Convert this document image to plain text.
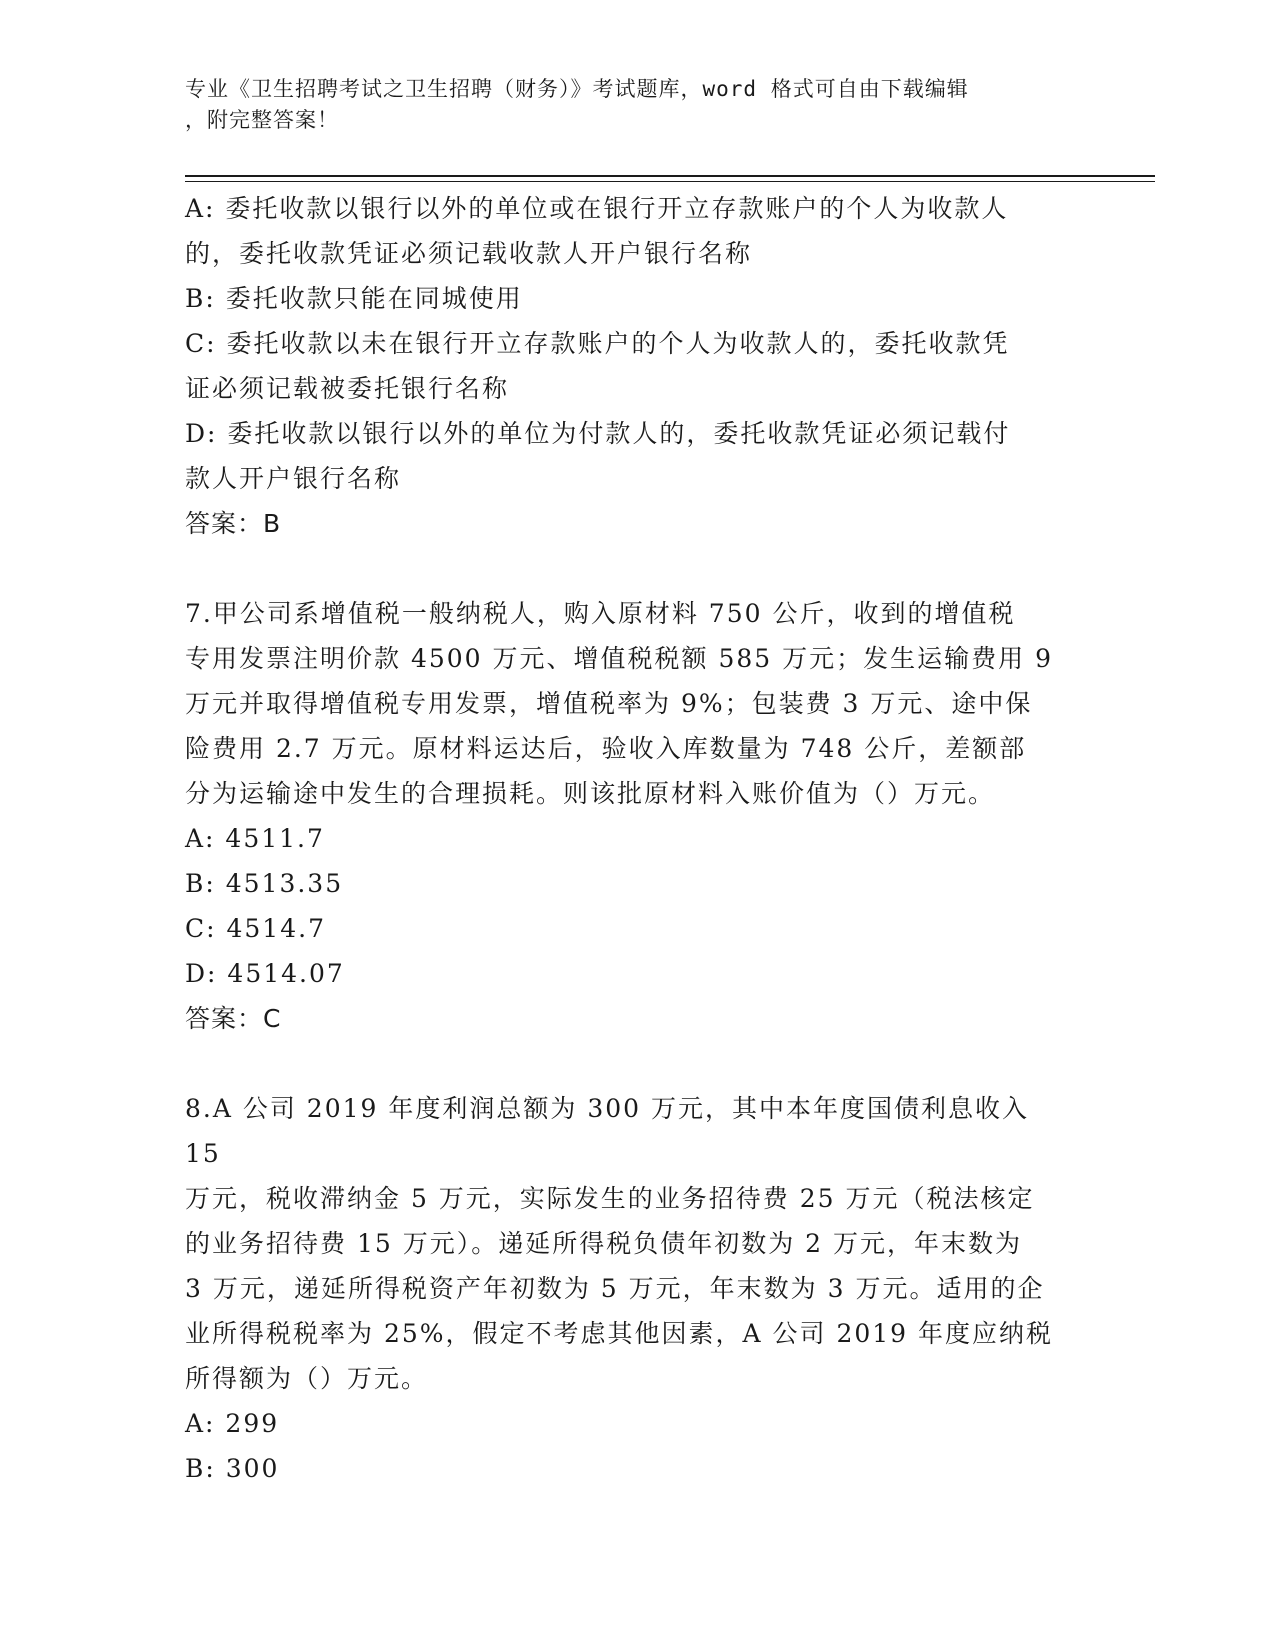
专业《卫生招聘考试之卫生招聘（财务）》考试题库，word 格式可自由下载编辑
，附完整答案！
A: 委托收款以银行以外的单位或在银行开立存款账户的个人为收款人
的，委托收款凭证必须记载收款人开户银行名称
B: 委托收款只能在同城使用
C: 委托收款以未在银行开立存款账户的个人为收款人的，委托收款凭
证必须记载被委托银行名称
D: 委托收款以银行以外的单位为付款人的，委托收款凭证必须记载付
款人开户银行名称
答案：B
7.甲公司系增值税一般纳税人，购入原材料 750 公斤，收到的增值税
专用发票注明价款 4500 万元、增值税税额 585 万元；发生运输费用 9
万元并取得增值税专用发票，增值税率为 9%；包装费 3 万元、途中保
险费用 2.7 万元。原材料运达后，验收入库数量为 748 公斤，差额部
分为运输途中发生的合理损耗。则该批原材料入账价值为（）万元。
A: 4511.7
B: 4513.35
C: 4514.7
D: 4514.07
答案：C
8.A 公司 2019 年度利润总额为 300 万元，其中本年度国债利息收入 15
万元，税收滞纳金 5 万元，实际发生的业务招待费 25 万元（税法核定
的业务招待费 15 万元）。递延所得税负债年初数为 2 万元，年末数为
3 万元，递延所得税资产年初数为 5 万元，年末数为 3 万元。适用的企
业所得税税率为 25%，假定不考虑其他因素，A 公司 2019 年度应纳税
所得额为（）万元。
A: 299
B: 300
